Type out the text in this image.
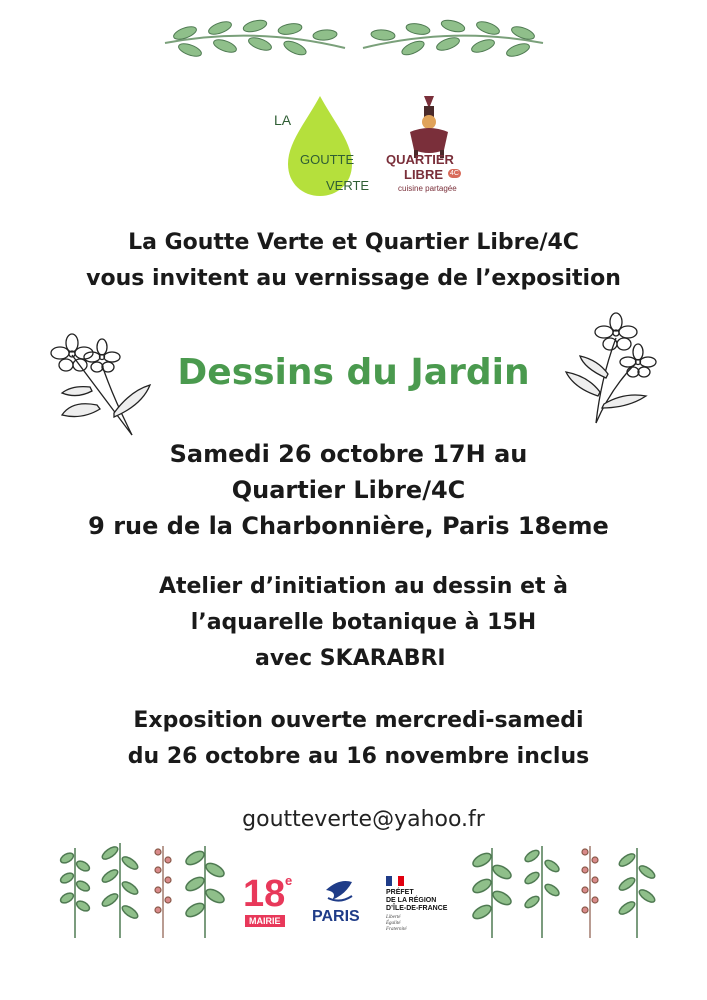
LA
GOUTTE
VERTE
QUARTIER
LIBRE 4C
cuisine partagée
La Goutte Verte et Quartier Libre/4C
vous invitent au vernissage de l’exposition
Dessins du Jardin
Samedi 26 octobre 17H au
Quartier Libre/4C
9 rue de la Charbonnière, Paris 18eme
Atelier d’initiation au dessin et à
l’aquarelle botanique à 15H
avec SKARABRI
Exposition ouverte mercredi-samedi
du 26 octobre au 16 novembre inclus
goutteverte@yahoo.fr
18 e
MAIRIE PARIS
PRÉFET
DE LA RÉGION
D’ÎLE-DE-FRANCE
Liberté
Égalité
Fraternité
